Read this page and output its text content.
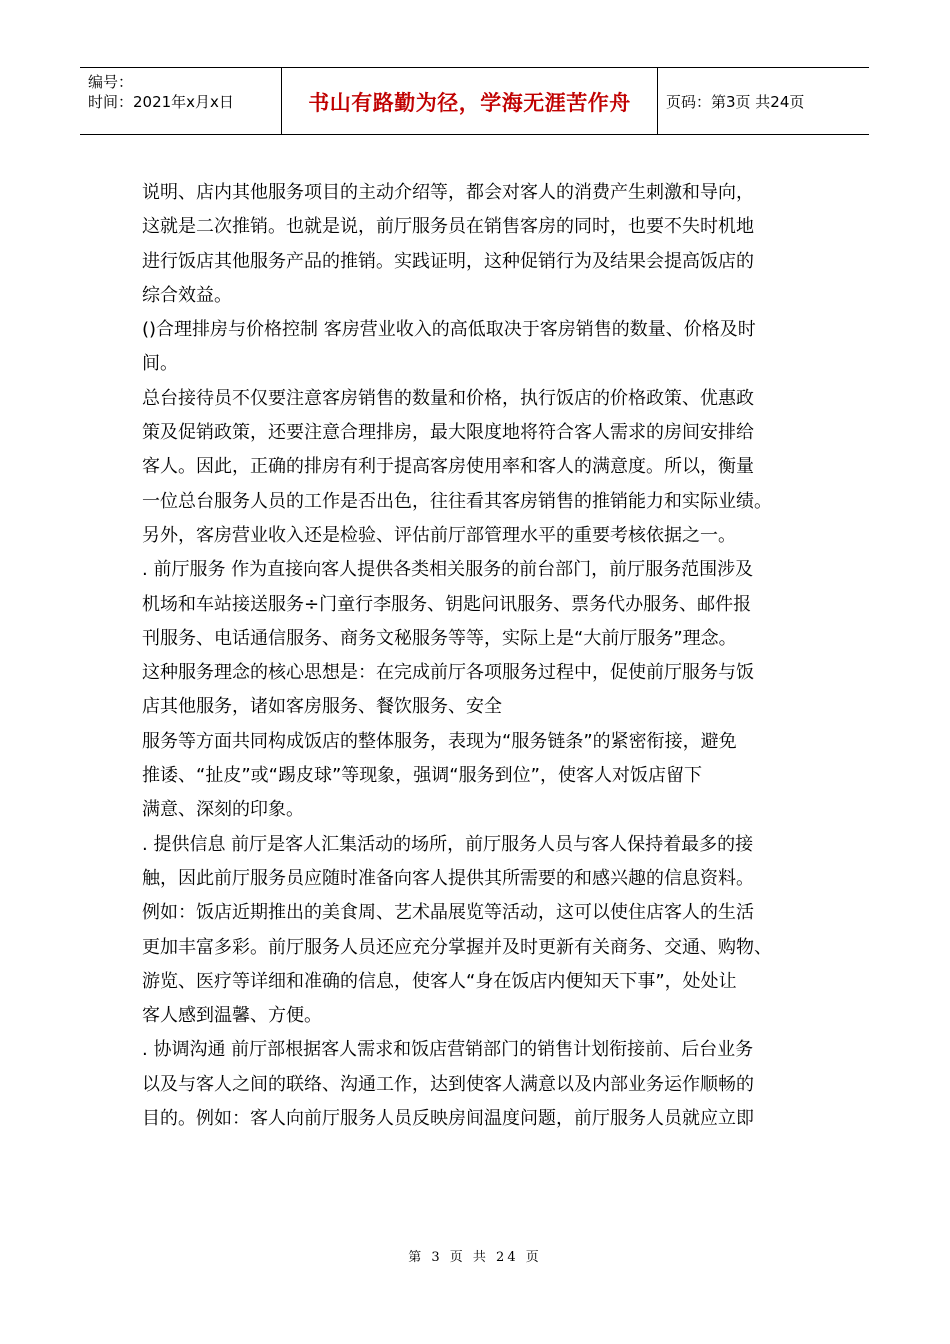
编号：
时间：2021年x月x日	书山有路勤为径，学海无涯苦作舟	页码：第3页 共24页
说明、店内其他服务项目的主动介绍等，都会对客人的消费产生刺激和导向，
这就是二次推销。也就是说，前厅服务员在销售客房的同时，也要不失时机地
进行饭店其他服务产品的推销。实践证明，这种促销行为及结果会提高饭店的
综合效益。
()合理排房与价格控制 客房营业收入的高低取决于客房销售的数量、价格及时
间。
总台接待员不仅要注意客房销售的数量和价格，执行饭店的价格政策、优惠政
策及促销政策，还要注意合理排房，最大限度地将符合客人需求的房间安排给
客人。因此，正确的排房有利于提高客房使用率和客人的满意度。所以，衡量
一位总台服务人员的工作是否出色，往往看其客房销售的推销能力和实际业绩。
另外，客房营业收入还是检验、评估前厅部管理水平的重要考核依据之一。
. 前厅服务 作为直接向客人提供各类相关服务的前台部门，前厅服务范围涉及
机场和车站接送服务÷门童行李服务、钥匙问讯服务、票务代办服务、邮件报
刊服务、电话通信服务、商务文秘服务等等，实际上是“大前厅服务”理念。
这种服务理念的核心思想是：在完成前厅各项服务过程中，促使前厅服务与饭
店其他服务，诸如客房服务、餐饮服务、安全
服务等方面共同构成饭店的整体服务，表现为“服务链条”的紧密衔接，避免
推诿、“扯皮”或“踢皮球”等现象，强调“服务到位”，使客人对饭店留下
满意、深刻的印象。
. 提供信息 前厅是客人汇集活动的场所，前厅服务人员与客人保持着最多的接
触，因此前厅服务员应随时准备向客人提供其所需要的和感兴趣的信息资料。
例如：饭店近期推出的美食周、艺术晶展览等活动，这可以使住店客人的生活
更加丰富多彩。前厅服务人员还应充分掌握并及时更新有关商务、交通、购物、
游览、医疗等详细和准确的信息，使客人“身在饭店内便知天下事”，处处让
客人感到温馨、方便。
. 协调沟通 前厅部根据客人需求和饭店营销部门的销售计划衔接前、后台业务
以及与客人之间的联络、沟通工作，达到使客人满意以及内部业务运作顺畅的
目的。例如：客人向前厅服务人员反映房间温度问题，前厅服务人员就应立即
第 3 页 共 24 页
